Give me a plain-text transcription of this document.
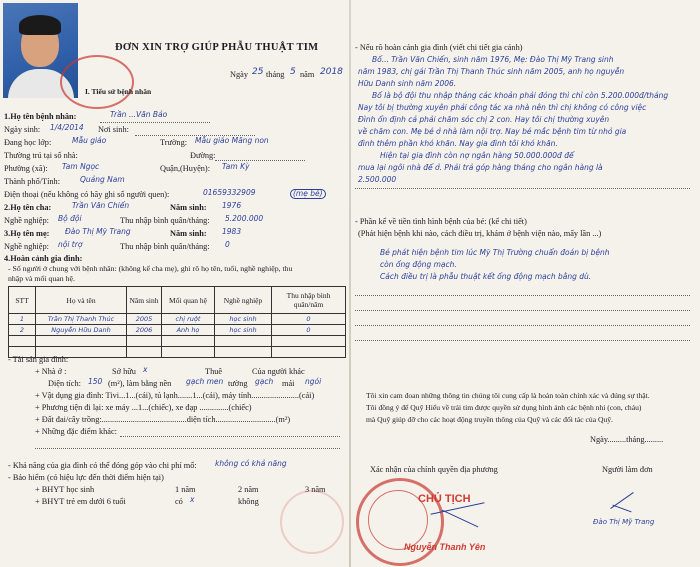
ĐƠN XIN TRỢ GIÚP PHẪU THUẬT TIM
Ngày 25 tháng 5 năm 2018
I. Tiểu sử bệnh nhân
1.Họ tên bệnh nhân:	Trần ...Văn Bảo
Ngày sinh: 1/4/2014 Nơi sinh:
Đang học lớp:	Mẫu giáo	Trường: Mẫu giáo Măng non
Thường trú tại số nhà:	Đường:
Phường (xã): Tam Ngọc	Quận,(Huyện): Tam Kỳ
Thành phố/Tỉnh:	Quảng Nam
Điện thoại (nếu không có hãy ghi số người quen):	01659332909	(mẹ bé)
2.Họ tên cha:	Trần Văn Chiến	Năm sinh: 1976
Nghề nghiệp: Bộ đội	Thu nhập bình quân/tháng: 5.200.000
3.Họ tên mẹ: Đào Thị Mỹ Trang	Năm sinh: 1983
Nghề nghiệp: nội trợ	Thu nhập bình quân/tháng: 0
4.Hoàn cảnh gia đình:
- Số người ở chung với bệnh nhân: (không kể cha mẹ), ghi rõ họ tên, tuổi, nghề nghiệp, thu
nhập và mối quan hệ.
STT	Họ và tên	Năm sinh	Mối quan hệ	Nghề nghiệp	Thu nhập bình quân/năm
1	Trần Thị Thanh Thúc	2005	chị ruột	học sinh	0
2	Nguyễn Hữu Danh	2006	Anh họ	học sinh	0

- Tài sản gia đình:
+ Nhà ở :	Sở hữu x	Thuê	Của người khác
Diện tích: 150 (m²), làm bằng nền gạch men tường gạch mái ngói
+ Vật dụng gia đình: Tivi...1...(cái), tủ lạnh.......1...(cái), máy tính.......................(cái)
+ Phương tiện đi lại: xe máy ...1...(chiếc), xe đạp ..............(chiếc)
+ Đất đai/cây trồng:.........................................diện tích.............................(m²)
+ Những đặc điểm khác:
- Khả năng của gia đình có thể đóng góp vào chi phí mổ: không có khả năng
- Bảo hiểm (có hiệu lực đến thời điểm hiện tại)
+ BHYT học sinh	1 năm	2 năm	3 năm
+ BHYT trẻ em dưới 6 tuổi	có x	không
- Nếu rõ hoàn cảnh gia đình (viết chi tiết gia cảnh)
Bố... Trần Văn Chiến, sinh năm 1976, Mẹ: Đào Thị Mỹ Trang sinh
năm 1983, chị gái Trần Thị Thanh Thúc sinh năm 2005, anh họ nguyễn
Hữu Danh sinh năm 2006.
Bố là bộ đội thu nhập tháng các khoản phải đóng thì chỉ còn 5.200.000đ/tháng
Nay tôi bị thường xuyên phải công tác xa nhà nên thì chị không có công việc
Đình ổn định cả phải chăm sóc chị 2 con. Hay tôi chị thường xuyên
về chăm con. Mẹ bé ở nhà làm nội trợ. Nay bé mắc bệnh tim từ nhỏ gia
đình thêm phần khó khăn. Nay gia đình tôi khó khăn.
Hiện tại gia đình còn nợ ngân hàng 50.000.000đ để
mua lại ngôi nhà để ở. Phải trả góp hàng tháng cho ngân hàng là
2.500.000
- Phần kể về tiền tình hình bệnh của bé: (kể chi tiết)
(Phát hiện bệnh khi nào, cách điều trị, khám ở bệnh viện nào, mấy lần ...)
Bé phát hiện bệnh tim lúc Mỹ Thị Trường chuẩn đoán bị bệnh
còn ống động mạch.
Cách điều trị là phẫu thuật kết ống động mạch bằng dù.
Tôi xin cam đoan những thông tin chúng tôi cung cấp là hoàn toàn chính xác và đúng sự thật.
Tôi đồng ý để Quỹ Hiểu về trái tim được quyền sử dụng hình ảnh các bệnh nhi (con, cháu)
mà Quỹ giúp đỡ cho các hoạt động truyền thông của Quỹ và các đối tác của Quỹ.
Ngày.........tháng.........
Xác nhận của chính quyền địa phương	Người làm đơn
CHỦ TỊCH
Nguyễn Thanh Yên
Đào Thị Mỹ Trang
